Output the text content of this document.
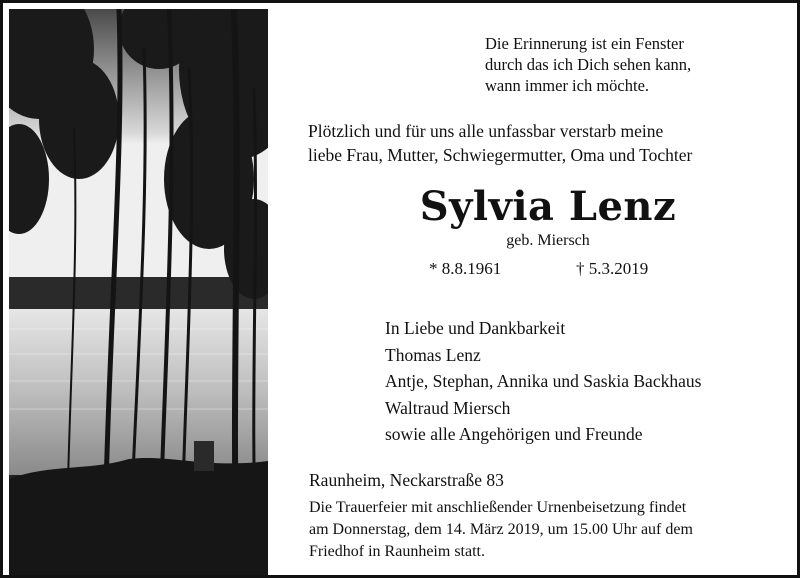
Die Erinnerung ist ein Fenster
durch das ich Dich sehen kann,
wann immer ich möchte.
Plötzlich und für uns alle unfassbar verstarb meine
liebe Frau, Mutter, Schwiegermutter, Oma und Tochter
Sylvia Lenz
geb. Miersch
* 8.8.1961	† 5.3.2019
In Liebe und Dankbarkeit
Thomas Lenz
Antje, Stephan, Annika und Saskia Backhaus
Waltraud Miersch
sowie alle Angehörigen und Freunde
Raunheim, Neckarstraße 83
Die Trauerfeier mit anschließender Urnenbeisetzung findet
am Donnerstag, dem 14. März 2019, um 15.00 Uhr auf dem
Friedhof in Raunheim statt.
